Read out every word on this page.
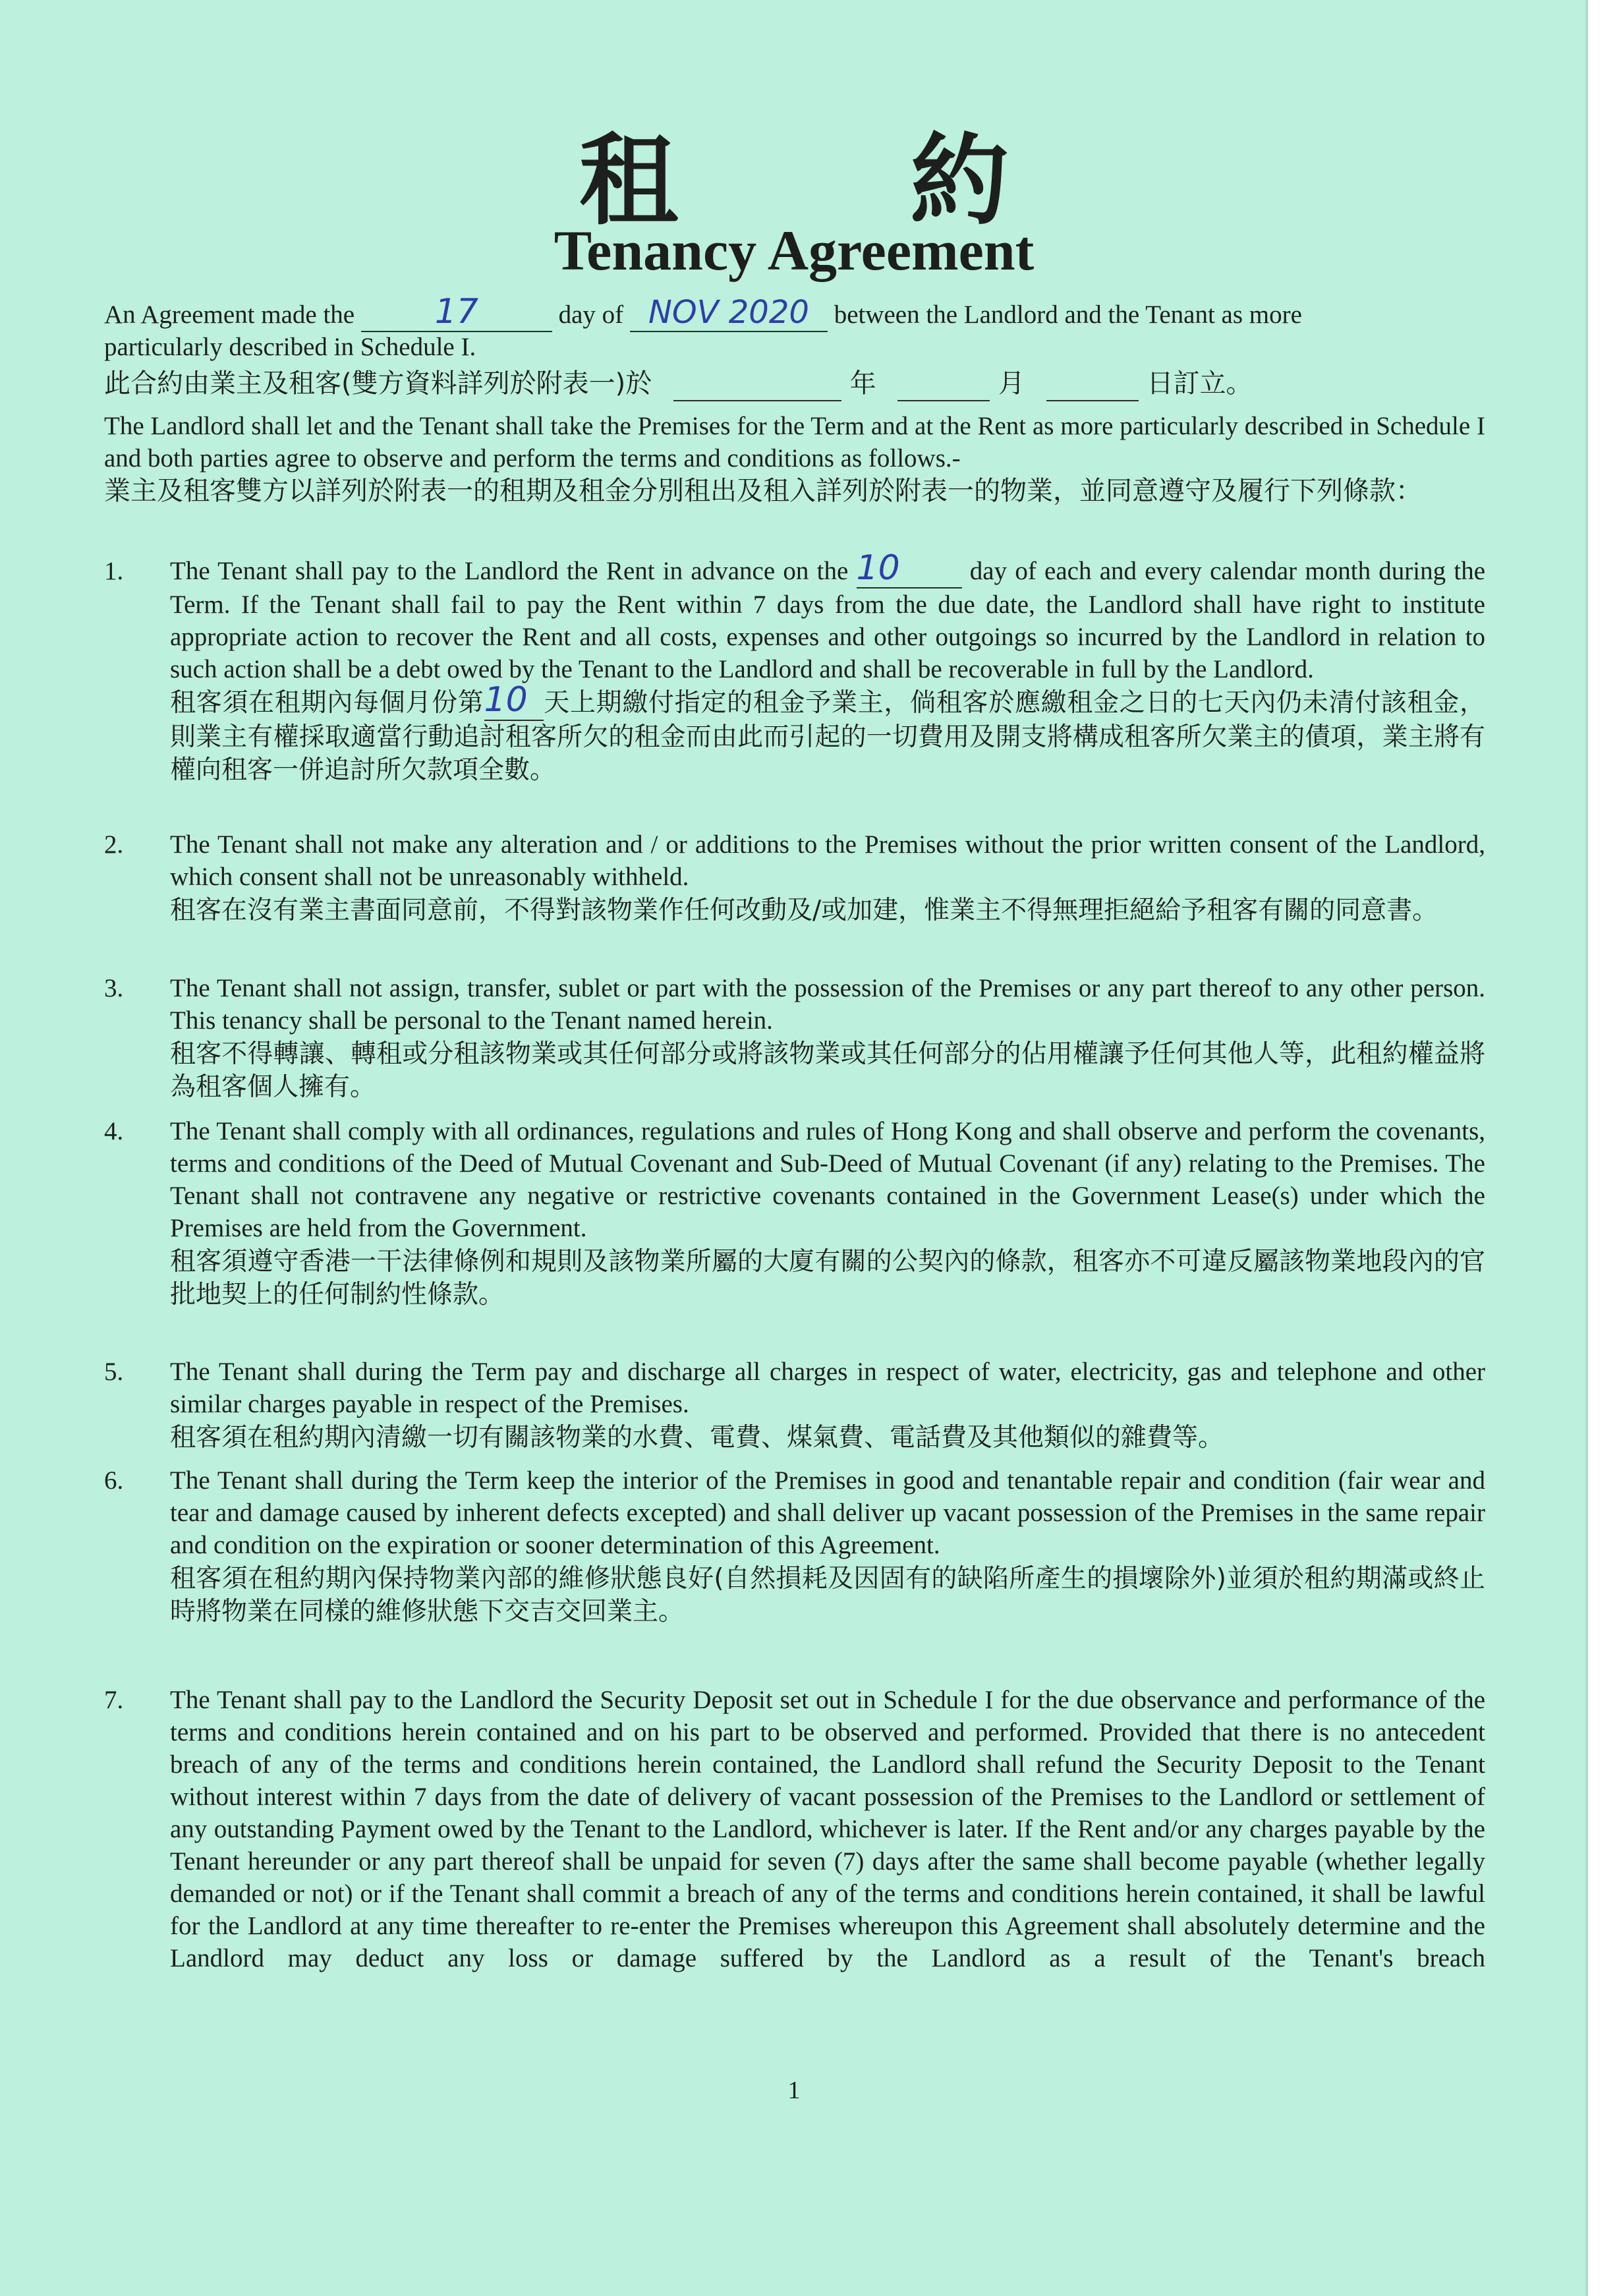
租 約
Tenancy Agreement
An Agreement made the 17	day of NOV 2020 between the Landlord and the Tenant as more
particularly described in Schedule I.
此合約由業主及租客(雙方資料詳列於附表一)於	年	月	日訂立。
The Landlord shall let and the Tenant shall take the Premises for the Term and at the Rent as more particularly described in Schedule I and both parties agree to observe and perform the terms and conditions as follows.-
業主及租客雙方以詳列於附表一的租期及租金分別租出及租入詳列於附表一的物業，並同意遵守及履行下列條款：
1. The Tenant shall pay to the Landlord the Rent in advance on the 10	day of each and every calendar month during the Term. If the Tenant shall fail to pay the Rent within 7 days from the due date, the Landlord shall have right to institute appropriate action to recover the Rent and all costs, expenses and other outgoings so incurred by the Landlord in relation to such action shall be a debt owed by the Tenant to the Landlord and shall be recoverable in full by the Landlord.
租客須在租期內每個月份第10 天上期繳付指定的租金予業主，倘租客於應繳租金之日的七天內仍未清付該租金，則業主有權採取適當行動追討租客所欠的租金而由此而引起的一切費用及開支將構成租客所欠業主的債項，業主將有權向租客一併追討所欠款項全數。
2. The Tenant shall not make any alteration and / or additions to the Premises without the prior written consent of the Landlord, which consent shall not be unreasonably withheld.
租客在沒有業主書面同意前，不得對該物業作任何改動及/或加建，惟業主不得無理拒絕給予租客有關的同意書。
3. The Tenant shall not assign, transfer, sublet or part with the possession of the Premises or any part thereof to any other person. This tenancy shall be personal to the Tenant named herein.
租客不得轉讓、轉租或分租該物業或其任何部分或將該物業或其任何部分的佔用權讓予任何其他人等，此租約權益將為租客個人擁有。
4. The Tenant shall comply with all ordinances, regulations and rules of Hong Kong and shall observe and perform the covenants, terms and conditions of the Deed of Mutual Covenant and Sub-Deed of Mutual Covenant (if any) relating to the Premises. The Tenant shall not contravene any negative or restrictive covenants contained in the Government Lease(s) under which the Premises are held from the Government.
租客須遵守香港一干法律條例和規則及該物業所屬的大廈有關的公契內的條款，租客亦不可違反屬該物業地段內的官批地契上的任何制約性條款。
5. The Tenant shall during the Term pay and discharge all charges in respect of water, electricity, gas and telephone and other similar charges payable in respect of the Premises.
租客須在租約期內清繳一切有關該物業的水費、電費、煤氣費、電話費及其他類似的雜費等。
6. The Tenant shall during the Term keep the interior of the Premises in good and tenantable repair and condition (fair wear and tear and damage caused by inherent defects excepted) and shall deliver up vacant possession of the Premises in the same repair and condition on the expiration or sooner determination of this Agreement.
租客須在租約期內保持物業內部的維修狀態良好(自然損耗及因固有的缺陷所產生的損壞除外)並須於租約期滿或終止時將物業在同樣的維修狀態下交吉交回業主。
7. The Tenant shall pay to the Landlord the Security Deposit set out in Schedule I for the due observance and performance of the terms and conditions herein contained and on his part to be observed and performed. Provided that there is no antecedent breach of any of the terms and conditions herein contained, the Landlord shall refund the Security Deposit to the Tenant without interest within 7 days from the date of delivery of vacant possession of the Premises to the Landlord or settlement of any outstanding Payment owed by the Tenant to the Landlord, whichever is later. If the Rent and/or any charges payable by the Tenant hereunder or any part thereof shall be unpaid for seven (7) days after the same shall become payable (whether legally demanded or not) or if the Tenant shall commit a breach of any of the terms and conditions herein contained, it shall be lawful for the Landlord at any time thereafter to re-enter the Premises whereupon this Agreement shall absolutely determine and the Landlord may deduct any loss or damage suffered by the Landlord as a result of the Tenant's breach
1
